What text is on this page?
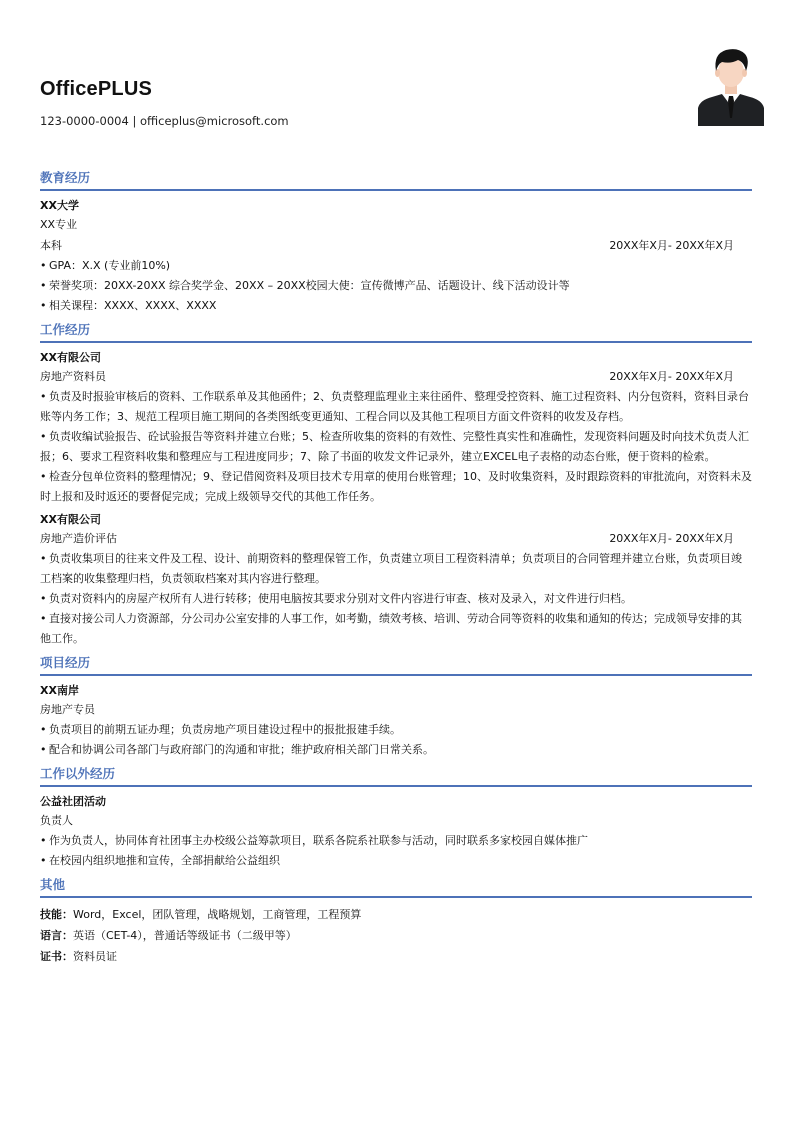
OfficePLUS
123-0000-0004 | officeplus@microsoft.com
教育经历
XX大学
XX专业
本科	20XX年X月- 20XX年X月
• GPA：X.X (专业前10%)
• 荣誉奖项：20XX-20XX 综合奖学金、20XX – 20XX校园大使：宣传微博产品、话题设计、线下活动设计等
• 相关课程：XXXX、XXXX、XXXX
工作经历
XX有限公司
房地产资料员	20XX年X月- 20XX年X月
• 负责及时报验审核后的资料、工作联系单及其他函件；2、负责整理监理业主来往函件、整理受控资料、施工过程资料、内分包资料，资料目录台账等内务工作；3、规范工程项目施工期间的各类图纸变更通知、工程合同以及其他工程项目方面文件资料的收发及存档。
• 负责收编试验报告、砼试验报告等资料并建立台账；5、检查所收集的资料的有效性、完整性真实性和准确性，发现资料问题及时向技术负责人汇报；6、要求工程资料收集和整理应与工程进度同步；7、除了书面的收发文件记录外，建立EXCEL电子表格的动态台账，便于资料的检索。
• 检查分包单位资料的整理情况；9、登记借阅资料及项目技术专用章的使用台账管理；10、及时收集资料，及时跟踪资料的审批流向，对资料未及时上报和及时返还的要督促完成；完成上级领导交代的其他工作任务。
XX有限公司
房地产造价评估	20XX年X月- 20XX年X月
• 负责收集项目的往来文件及工程、设计、前期资料的整理保管工作，负责建立项目工程资料清单；负责项目的合同管理并建立台账，负责项目竣工档案的收集整理归档，负责领取档案对其内容进行整理。
• 负责对资料内的房屋产权所有人进行转移；使用电脑按其要求分别对文件内容进行审查、核对及录入，对文件进行归档。
• 直接对接公司人力资源部，分公司办公室安排的人事工作，如考勤，绩效考核、培训、劳动合同等资料的收集和通知的传达；完成领导安排的其他工作。
项目经历
XX南岸
房地产专员
• 负责项目的前期五证办理；负责房地产项目建设过程中的报批报建手续。
• 配合和协调公司各部门与政府部门的沟通和审批；维护政府相关部门日常关系。
工作以外经历
公益社团活动
负责人
• 作为负责人，协同体育社团事主办校级公益筹款项目，联系各院系社联参与活动，同时联系多家校园自媒体推广
• 在校园内组织地推和宣传，全部捐献给公益组织
其他
技能：Word，Excel，团队管理，战略规划，工商管理，工程预算
语言：英语（CET-4），普通话等级证书（二级甲等）
证书：资料员证
